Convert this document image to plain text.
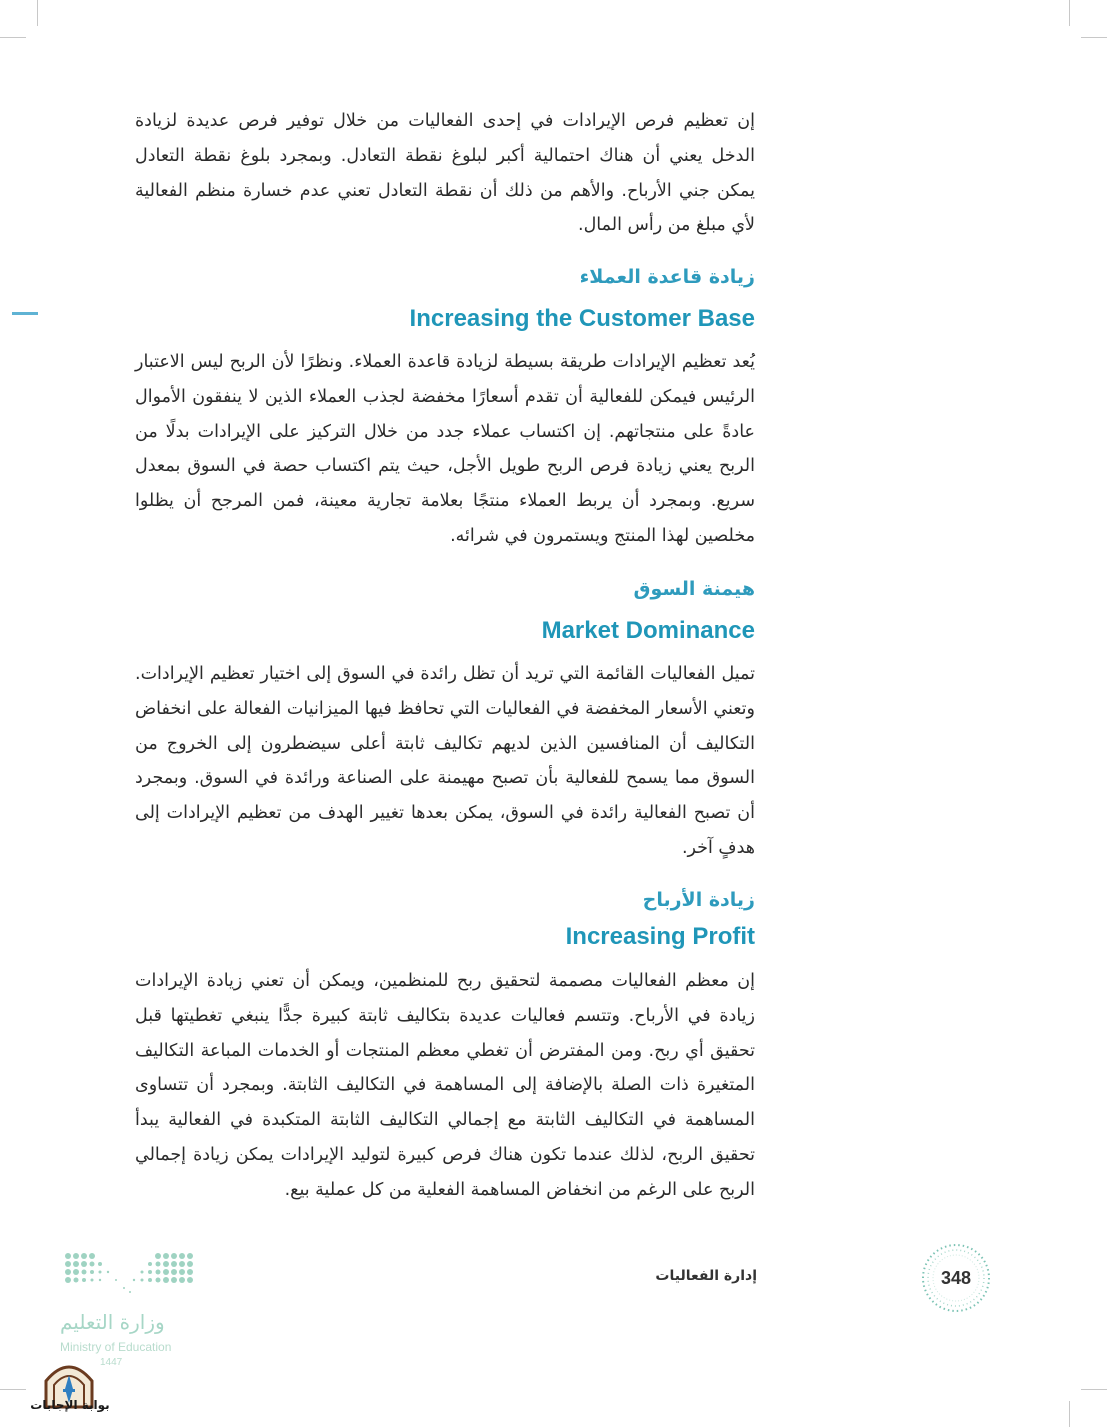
إن تعظيم فرص الإيرادات في إحدى الفعاليات من خلال توفير فرص عديدة لزيادة الدخل يعني أن هناك احتمالية أكبر لبلوغ نقطة التعادل. وبمجرد بلوغ نقطة التعادل يمكن جني الأرباح. والأهم من ذلك أن نقطة التعادل تعني عدم خسارة منظم الفعالية لأي مبلغ من رأس المال.

زيادة قاعدة العملاء
Increasing the Customer Base

يُعد تعظيم الإيرادات طريقة بسيطة لزيادة قاعدة العملاء. ونظرًا لأن الربح ليس الاعتبار الرئيس فيمكن للفعالية أن تقدم أسعارًا مخفضة لجذب العملاء الذين لا ينفقون الأموال عادةً على منتجاتهم. إن اكتساب عملاء جدد من خلال التركيز على الإيرادات بدلًا من الربح يعني زيادة فرص الربح طويل الأجل، حيث يتم اكتساب حصة في السوق بمعدل سريع. وبمجرد أن يربط العملاء منتجًا بعلامة تجارية معينة، فمن المرجح أن يظلوا مخلصين لهذا المنتج ويستمرون في شرائه.

هيمنة السوق
Market Dominance

تميل الفعاليات القائمة التي تريد أن تظل رائدة في السوق إلى اختيار تعظيم الإيرادات. وتعني الأسعار المخفضة في الفعاليات التي تحافظ فيها الميزانيات الفعالة على انخفاض التكاليف أن المنافسين الذين لديهم تكاليف ثابتة أعلى سيضطرون إلى الخروج من السوق مما يسمح للفعالية بأن تصبح مهيمنة على الصناعة ورائدة في السوق. وبمجرد أن تصبح الفعالية رائدة في السوق، يمكن بعدها تغيير الهدف من تعظيم الإيرادات إلى هدفٍ آخر.

زيادة الأرباح
Increasing Profit

إن معظم الفعاليات مصممة لتحقيق ربح للمنظمين، ويمكن أن تعني زيادة الإيرادات زيادة في الأرباح. وتتسم فعاليات عديدة بتكاليف ثابتة كبيرة جدًّا ينبغي تغطيتها قبل تحقيق أي ربح. ومن المفترض أن تغطي معظم المنتجات أو الخدمات المباعة التكاليف المتغيرة ذات الصلة بالإضافة إلى المساهمة في التكاليف الثابتة. وبمجرد أن تتساوى المساهمة في التكاليف الثابتة مع إجمالي التكاليف الثابتة المتكبدة في الفعالية يبدأ تحقيق الربح، لذلك عندما تكون هناك فرص كبيرة لتوليد الإيرادات يمكن زيادة إجمالي الربح على الرغم من انخفاض المساهمة الفعلية من كل عملية بيع.

إدارة الفعاليات	348
وزارة التعليم
Ministry of Education
1447
بوابة الإجابات
